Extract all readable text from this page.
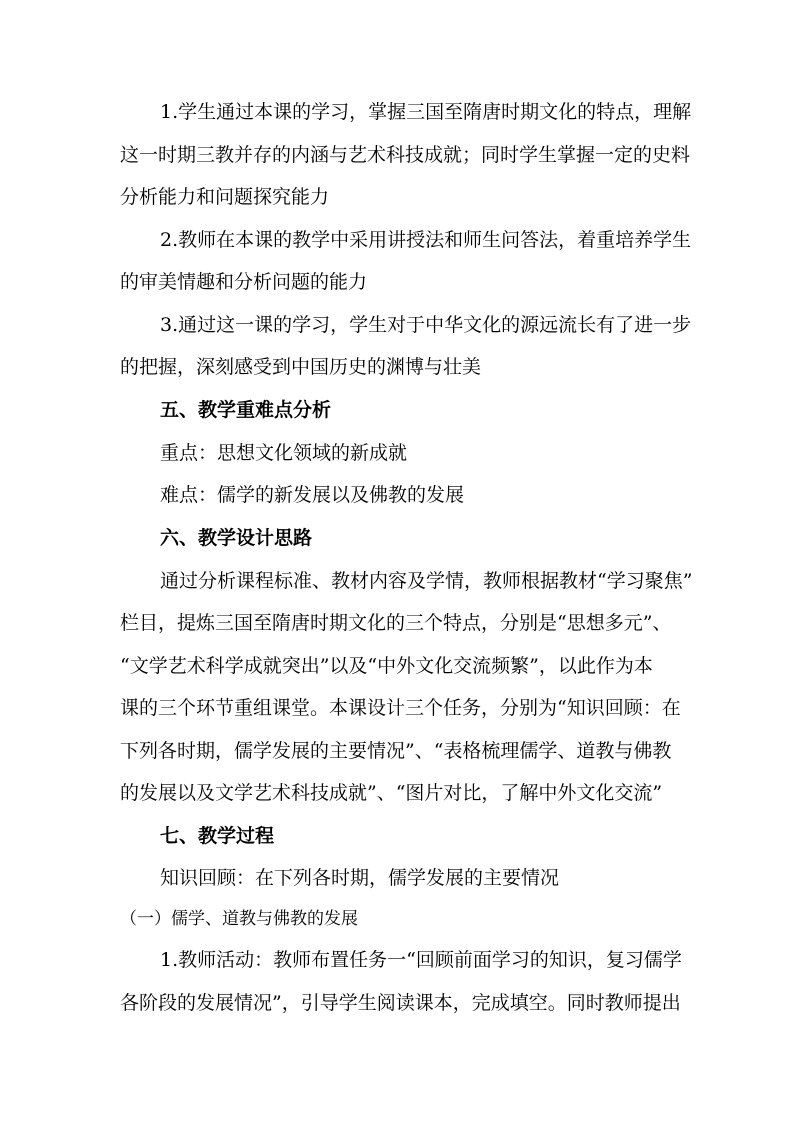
1.学生通过本课的学习，掌握三国至隋唐时期文化的特点，理解
这一时期三教并存的内涵与艺术科技成就；同时学生掌握一定的史料
分析能力和问题探究能力
2.教师在本课的教学中采用讲授法和师生问答法，着重培养学生
的审美情趣和分析问题的能力
3.通过这一课的学习，学生对于中华文化的源远流长有了进一步
的把握，深刻感受到中国历史的渊博与壮美
五、教学重难点分析
重点：思想文化领域的新成就
难点：儒学的新发展以及佛教的发展
六、教学设计思路
通过分析课程标准、教材内容及学情，教师根据教材“学习聚焦”
栏目，提炼三国至隋唐时期文化的三个特点，分别是“思想多元”、
“文学艺术科学成就突出”以及“中外文化交流频繁”，以此作为本
课的三个环节重组课堂。本课设计三个任务，分别为“知识回顾：在
下列各时期，儒学发展的主要情况”、“表格梳理儒学、道教与佛教
的发展以及文学艺术科技成就”、“图片对比，了解中外文化交流”
七、教学过程
知识回顾：在下列各时期，儒学发展的主要情况
（一）儒学、道教与佛教的发展
1.教师活动：教师布置任务一“回顾前面学习的知识，复习儒学
各阶段的发展情况”，引导学生阅读课本，完成填空。同时教师提出
